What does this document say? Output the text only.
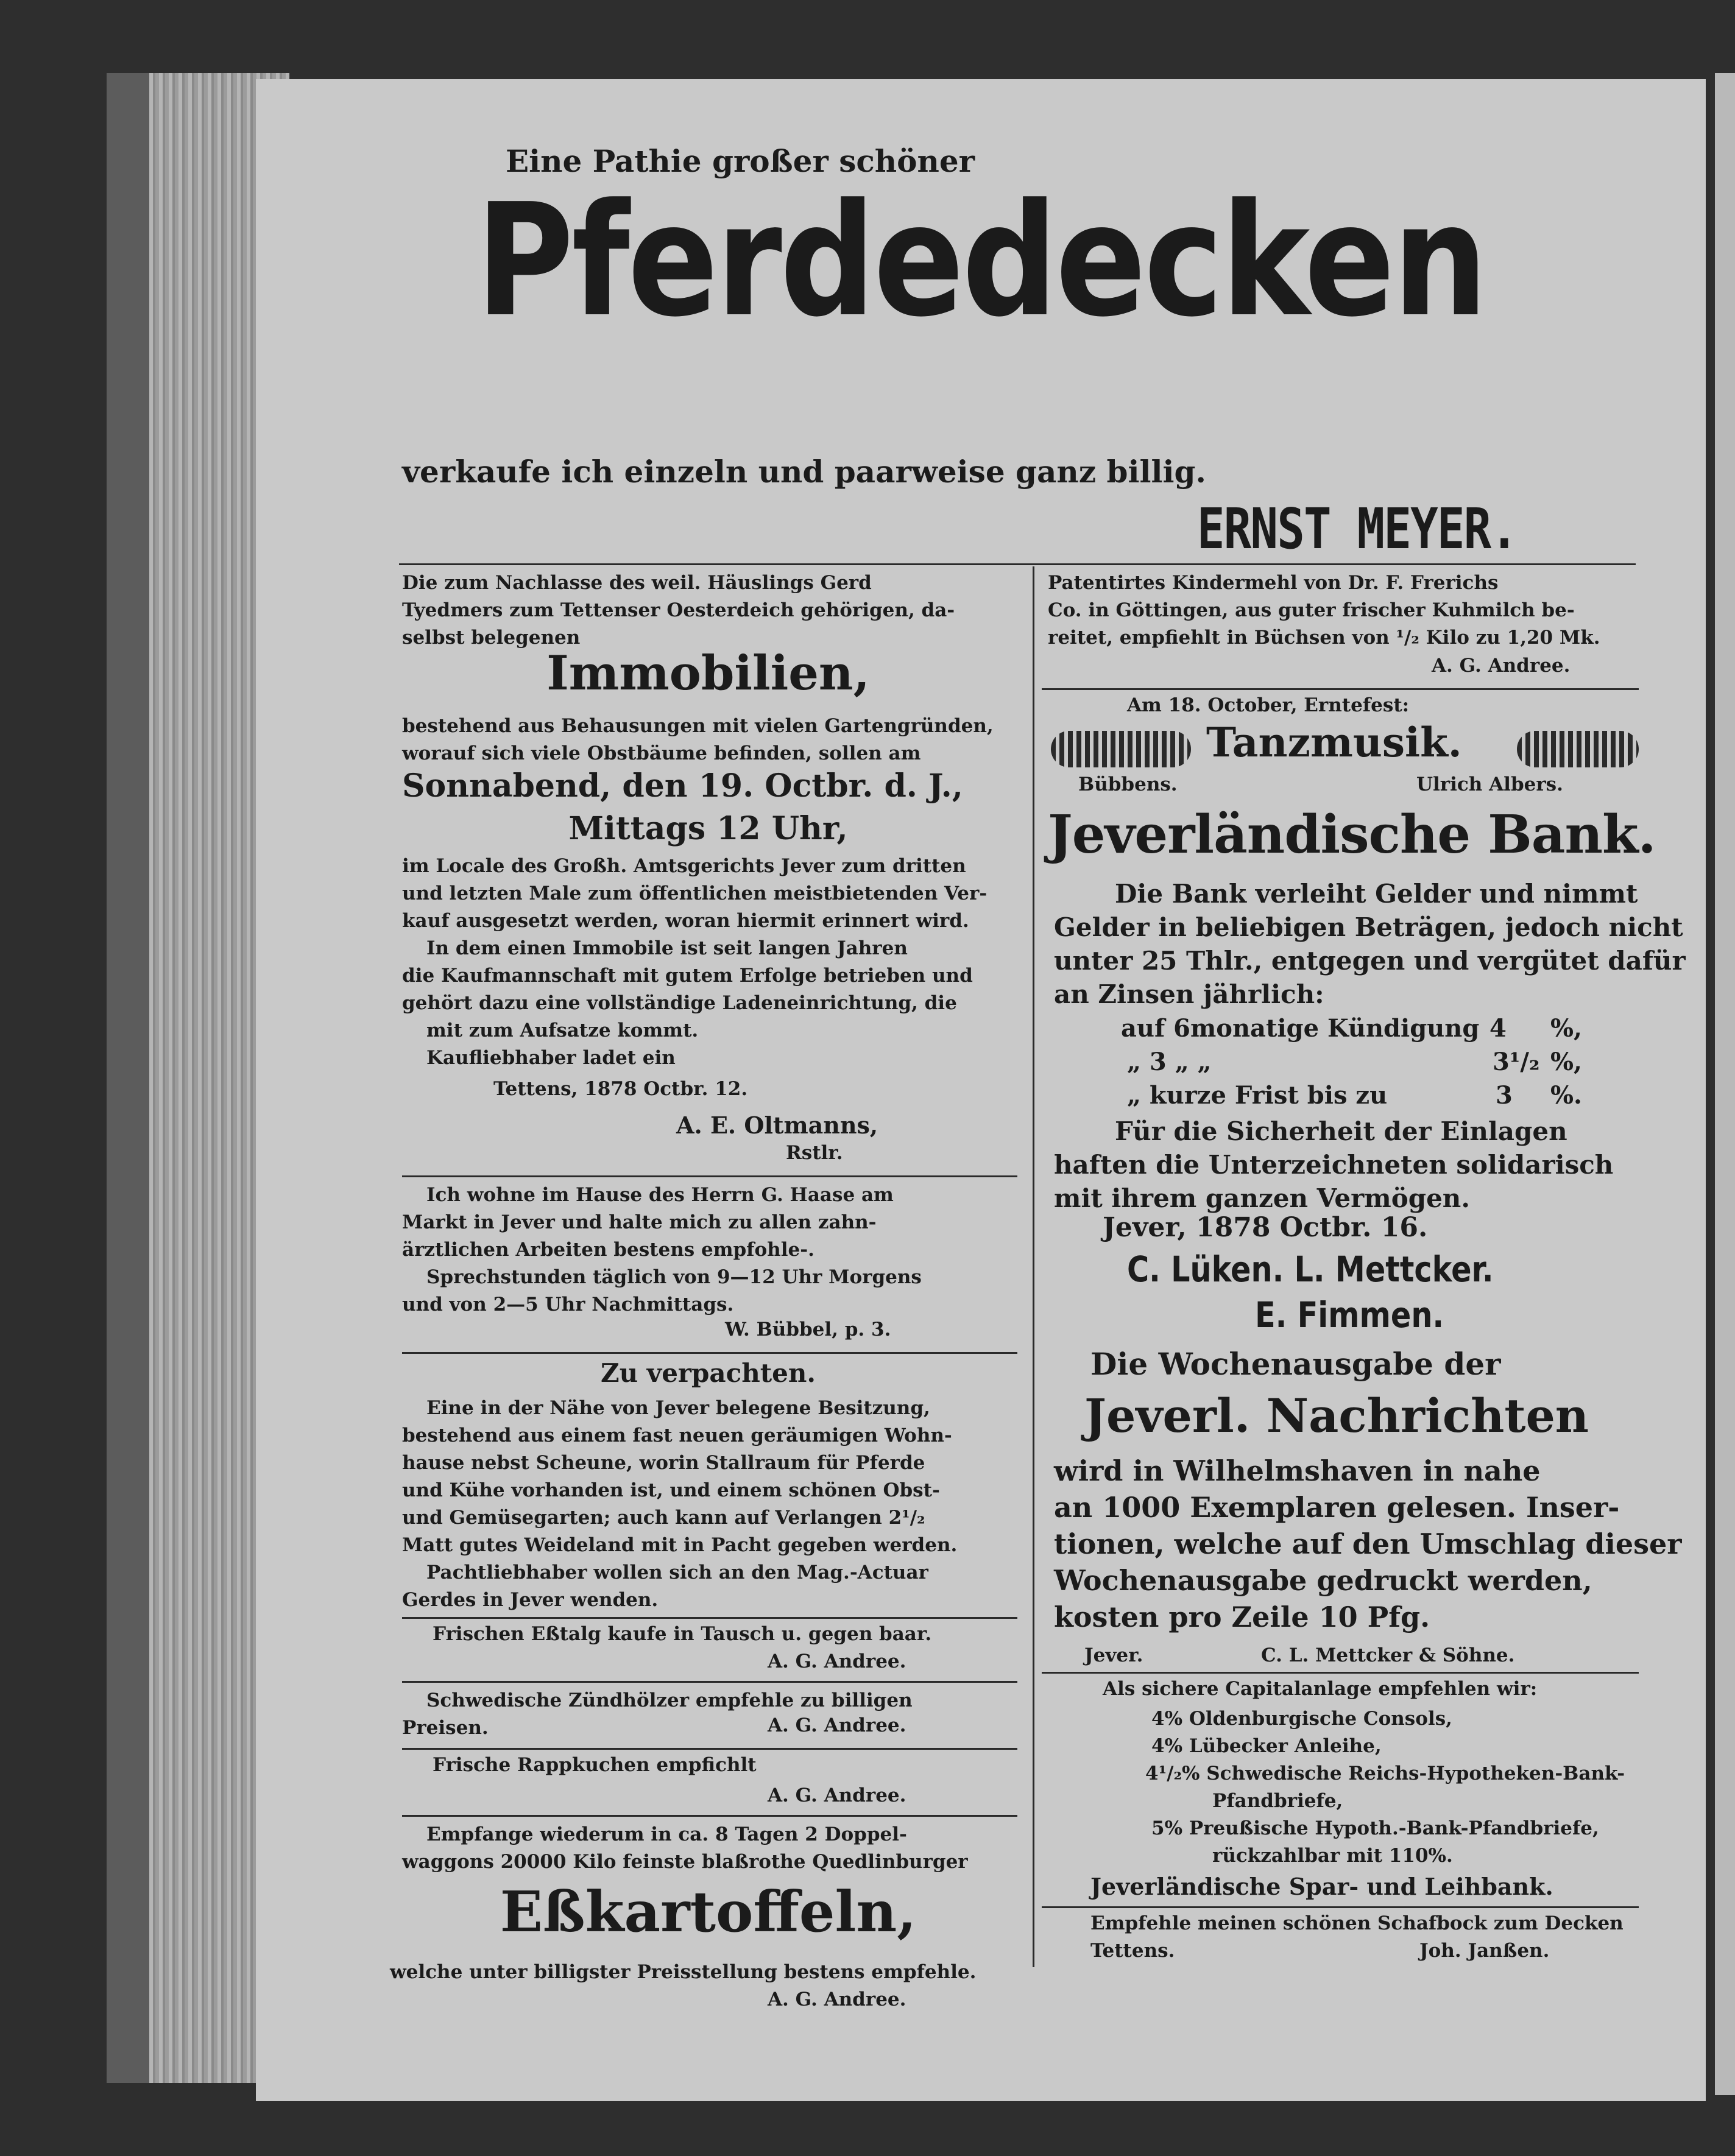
Eine Pathie großer schöner
Pferdedecken
verkaufe ich einzeln und paarweise ganz billig.
ERNST MEYER.
Die zum Nachlasse des weil. Häuslings Gerd
Tyedmers zum Tettenser Oesterdeich gehörigen, da-
selbst belegenen
Immobilien,
bestehend aus Behausungen mit vielen Gartengründen,
worauf sich viele Obstbäume befinden, sollen am
Sonnabend, den 19. Octbr. d. J.,
Mittags 12 Uhr,
im Locale des Großh. Amtsgerichts Jever zum dritten
und letzten Male zum öffentlichen meistbietenden Ver-
kauf ausgesetzt werden, woran hiermit erinnert wird.
In dem einen Immobile ist seit langen Jahren
die Kaufmannschaft mit gutem Erfolge betrieben und
gehört dazu eine vollständige Ladeneinrichtung, die
mit zum Aufsatze kommt.
Kaufliebhaber ladet ein
Tettens, 1878 Octbr. 12.
A. E. Oltmanns,
Rstlr.
Ich wohne im Hause des Herrn G. Haase am
Markt in Jever und halte mich zu allen zahn-
ärztlichen Arbeiten bestens empfohle-.
Sprechstunden täglich von 9—12 Uhr Morgens
und von 2—5 Uhr Nachmittags.
W. Bübbel, p. 3.
Zu verpachten.
Eine in der Nähe von Jever belegene Besitzung,
bestehend aus einem fast neuen geräumigen Wohn-
hause nebst Scheune, worin Stallraum für Pferde
und Kühe vorhanden ist, und einem schönen Obst-
und Gemüsegarten; auch kann auf Verlangen 2¹/₂
Matt gutes Weideland mit in Pacht gegeben werden.
Pachtliebhaber wollen sich an den Mag.-Actuar
Gerdes in Jever wenden.
Frischen Eßtalg kaufe in Tausch u. gegen baar.
A. G. Andree.
Schwedische Zündhölzer empfehle zu billigen
Preisen.	A. G. Andree.
Frische Rappkuchen empfichlt
A. G. Andree.
Empfange wiederum in ca. 8 Tagen 2 Doppel-
waggons 20000 Kilo feinste blaßrothe Quedlinburger
Eßkartoffeln,
welche unter billigster Preisstellung bestens empfehle.
A. G. Andree.
Patentirtes Kindermehl von Dr. F. Frerichs
Co. in Göttingen, aus guter frischer Kuhmilch be-
reitet, empfiehlt in Büchsen von ¹/₂ Kilo zu 1,20 Mk.
A. G. Andree.
Am 18. October, Erntefest:
Tanzmusik.
Bübbens.	Ulrich Albers.
Jeverländische Bank.
Die Bank verleiht Gelder und nimmt
Gelder in beliebigen Beträgen, jedoch nicht
unter 25 Thlr., entgegen und vergütet dafür
an Zinsen jährlich:
auf 6monatige Kündigung 4 %,
„ 3 „ „	3¹/₂ %,
„ kurze Frist bis zu	3 %.
Für die Sicherheit der Einlagen
haften die Unterzeichneten solidarisch
mit ihrem ganzen Vermögen.
Jever, 1878 Octbr. 16.
C. Lüken. L. Mettcker.
E. Fimmen.
Die Wochenausgabe der
Jeverl. Nachrichten
wird in Wilhelmshaven in nahe
an 1000 Exemplaren gelesen. Inser-
tionen, welche auf den Umschlag dieser
Wochenausgabe gedruckt werden,
kosten pro Zeile 10 Pfg.
Jever.	C. L. Mettcker & Söhne.
Als sichere Capitalanlage empfehlen wir:
4% Oldenburgische Consols,
4% Lübecker Anleihe,
4¹/₂% Schwedische Reichs-Hypotheken-Bank-
Pfandbriefe,
5% Preußische Hypoth.-Bank-Pfandbriefe,
rückzahlbar mit 110%.
Jeverländische Spar- und Leihbank.
Empfehle meinen schönen Schafbock zum Decken
Tettens.	Joh. Janßen.
